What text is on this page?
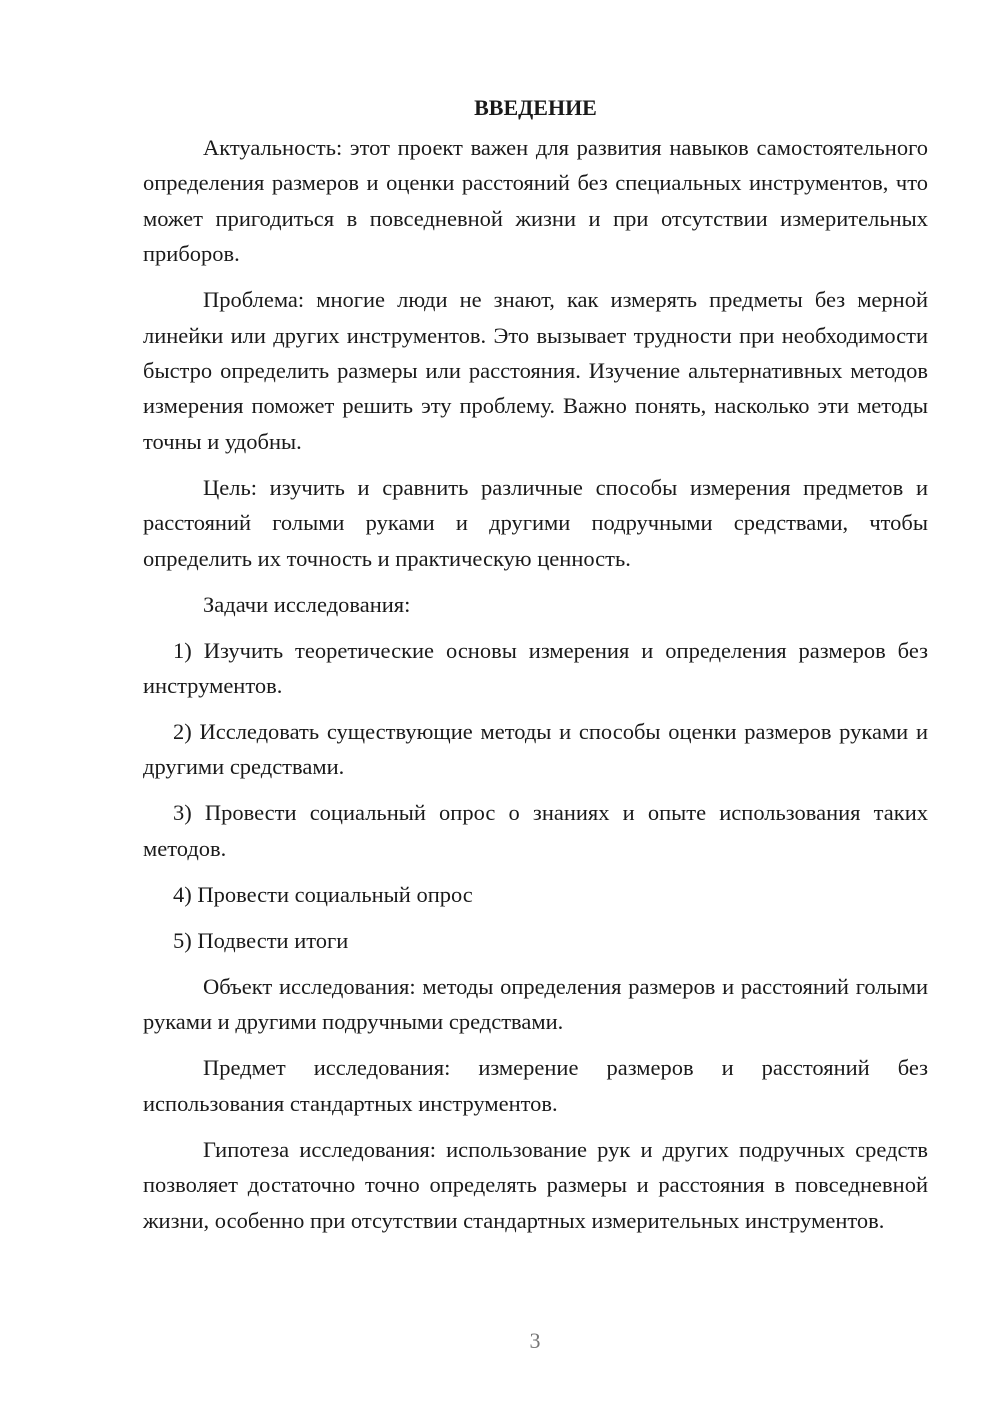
ВВЕДЕНИЕ

Актуальность: этот проект важен для развития навыков самостоятельного определения размеров и оценки расстояний без специальных инструментов, что может пригодиться в повседневной жизни и при отсутствии измерительных приборов.

Проблема: многие люди не знают, как измерять предметы без мерной линейки или других инструментов. Это вызывает трудности при необходимости быстро определить размеры или расстояния. Изучение альтернативных методов измерения поможет решить эту проблему. Важно понять, насколько эти методы точны и удобны.

Цель: изучить и сравнить различные способы измерения предметов и расстояний голыми руками и другими подручными средствами, чтобы определить их точность и практическую ценность.

Задачи исследования:

1) Изучить теоретические основы измерения и определения размеров без инструментов.

2) Исследовать существующие методы и способы оценки размеров руками и другими средствами.

3) Провести социальный опрос о знаниях и опыте использования таких методов.

4) Провести социальный опрос

5) Подвести итоги

Объект исследования: методы определения размеров и расстояний голыми руками и другими подручными средствами.

Предмет исследования: измерение размеров и расстояний без использования стандартных инструментов.

Гипотеза исследования: использование рук и других подручных средств позволяет достаточно точно определять размеры и расстояния в повседневной жизни, особенно при отсутствии стандартных измерительных инструментов.

3
